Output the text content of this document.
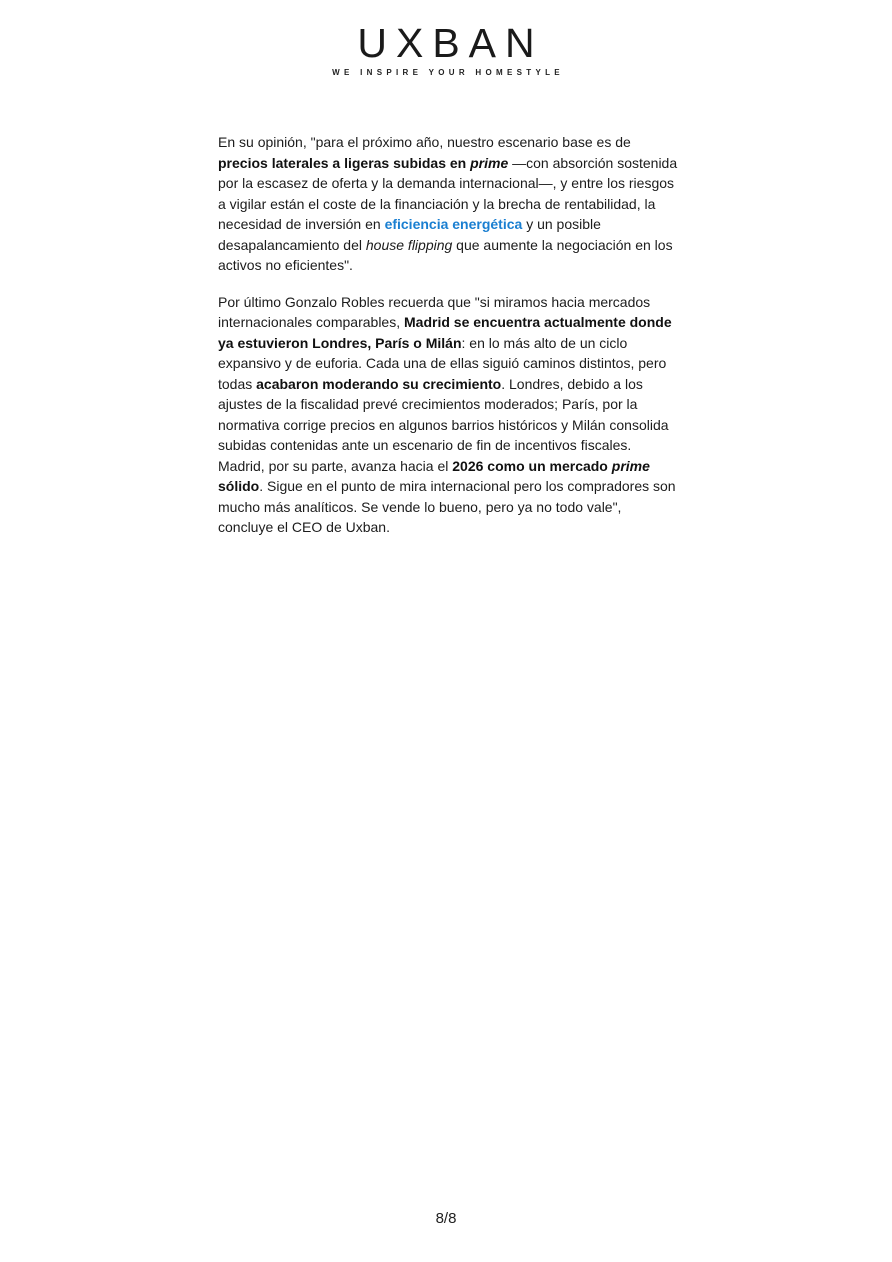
UXBAN
WE INSPIRE YOUR HOMESTYLE

En su opinión, "para el próximo año, nuestro escenario base es de precios laterales a ligeras subidas en prime —con absorción sostenida por la escasez de oferta y la demanda internacional—, y entre los riesgos a vigilar están el coste de la financiación y la brecha de rentabilidad, la necesidad de inversión en eficiencia energética y un posible desapalancamiento del house flipping que aumente la negociación en los activos no eficientes".

Por último Gonzalo Robles recuerda que "si miramos hacia mercados internacionales comparables, Madrid se encuentra actualmente donde ya estuvieron Londres, París o Milán: en lo más alto de un ciclo expansivo y de euforia. Cada una de ellas siguió caminos distintos, pero todas acabaron moderando su crecimiento. Londres, debido a los ajustes de la fiscalidad prevé crecimientos moderados; París, por la normativa corrige precios en algunos barrios históricos y Milán consolida subidas contenidas ante un escenario de fin de incentivos fiscales. Madrid, por su parte, avanza hacia el 2026 como un mercado prime sólido. Sigue en el punto de mira internacional pero los compradores son mucho más analíticos. Se vende lo bueno, pero ya no todo vale", concluye el CEO de Uxban.

8/8
